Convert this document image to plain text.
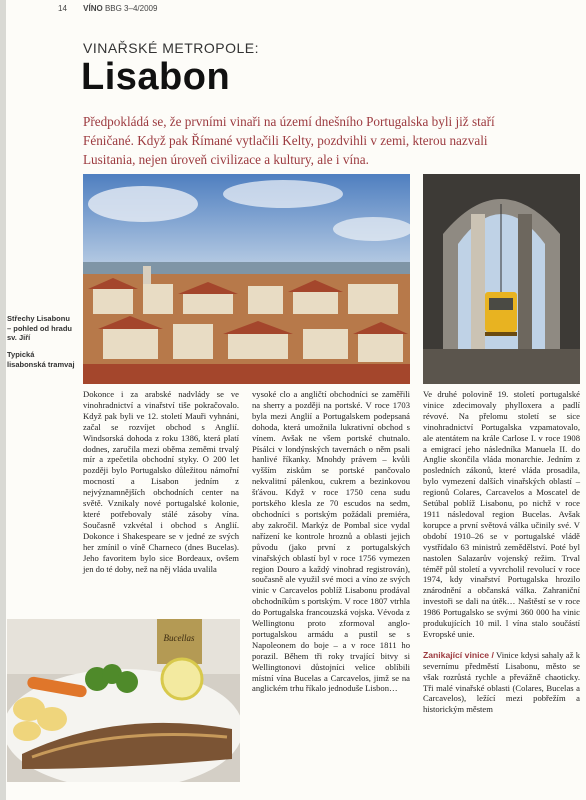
14 VÍNO BBG 3–4/2009
VINAŘSKÉ METROPOLE:
Lisabon
Předpokládá se, že prvními vinaři na území dnešního Portugalska byli již staří Féničané. Když pak Římané vytlačili Kelty, pozdvihli v zemi, kterou nazvali Lusitania, nejen úroveň civilizace a kultury, ale i vína.
Střechy Lisabonu – pohled od hradu sv. Jiří
Typická lisabonská tramvaj
Bucellas

Dokonce i za arabské nadvlády se ve vinohradnictví a vinařství tiše pokračovalo. Když pak byli ve 12. století Mauři vyhnáni, začal se rozvíjet obchod s Anglií. Windsorská dohoda z roku 1386, která platí dodnes, zaručila mezi oběma zeměmi trvalý mír a zpečetila obchodní styky. O 200 let později bylo Portugalsko důležitou námořní mocností a Lisabon jedním z nejvýznamnějších obchodních center na světě. Vznikaly nové portugalské kolonie, které potřebovaly stálé zásoby vína. Současně vzkvétal i obchod s Anglií. Dokonce i Shakespeare se v jedné ze svých her zmínil o víně Charneco (dnes Bucelas). Jeho favoritem bylo sice Bordeaux, ovšem jen do té doby, než na něj vláda uvalila

vysoké clo a angličtí obchodníci se zaměřili na sherry a později na portské. V roce 1703 byla mezi Anglií a Portugalskem podepsaná dohoda, která umožnila lukrativní obchod s vínem. Avšak ne všem portské chutnalo. Písálci v londýnských tavernách o něm psali hanlivé říkanky. Mnohdy právem – kvůli vyšším ziskům se portské pančovalo nekvalitní pálenkou, cukrem a bezinkovou šťávou. Když v roce 1750 cena sudu portského klesla ze 70 escudos na sedm, obchodníci s portským požádali premiéra, aby zakročil. Markýz de Pombal sice vydal nařízení ke kontrole hroznů a oblasti jejich původu (jako první z portugalských vinařských oblastí byl v roce 1756 vymezen region Douro a každý vinohrad registrován), současně ale využil své moci a víno ze svých vinic v Carcavelos poblíž Lisabonu prodával obchodníkům s portským. V roce 1807 vtrhla do Portugalska francouzská vojska. Vévoda z Wellingtonu proto zformoval anglo-portugalskou armádu a pustil se s Napoleonem do boje – a v roce 1811 ho porazil. Během tři roky trvající bitvy si Wellingtonovi důstojníci velice oblíbili místní vína Bucelas a Carcavelos, jimž se na anglickém trhu říkalo jednoduše Lisbon…

Ve druhé polovině 19. století portugalské vinice zdecimovaly phylloxera a padlí révové. Na přelomu století se sice vinohradnictví Portugalska vzpamatovalo, ale atentátem na krále Carlose I. v roce 1908 a emigrací jeho následníka Manuela II. do Anglie skončila vláda monarchie. Jedním z posledních zákonů, které vláda prosadila, bylo vymezení dalších vinařských oblastí – regionů Colares, Carcavelos a Moscatel de Setúbal poblíž Lisabonu, po nichž v roce 1911 následoval region Bucelas. Avšak korupce a první světová válka učinily své. V období 1910–26 se v portugalské vládě vystřídalo 63 ministrů zemědělství. Poté byl nastolen Salazarův vojenský režim. Trval téměř půl století a vyvrcholil revolucí v roce 1974, kdy vinařství Portugalska hrozilo znárodnění a občanská válka. Zahraniční investoři se dali na útěk… Naštěstí se v roce 1986 Portugalsko se svými 360 000 ha vinic produkujících 10 mil. l vína stalo součástí Evropské unie.

Zanikající vinice / Vinice kdysi sahaly až k severnímu předměstí Lisabonu, město se však rozrůstá rychle a převážně chaoticky. Tři malé vinařské oblasti (Colares, Bucelas a Carcavelos), ležící mezi pobřežím a historickým městem
